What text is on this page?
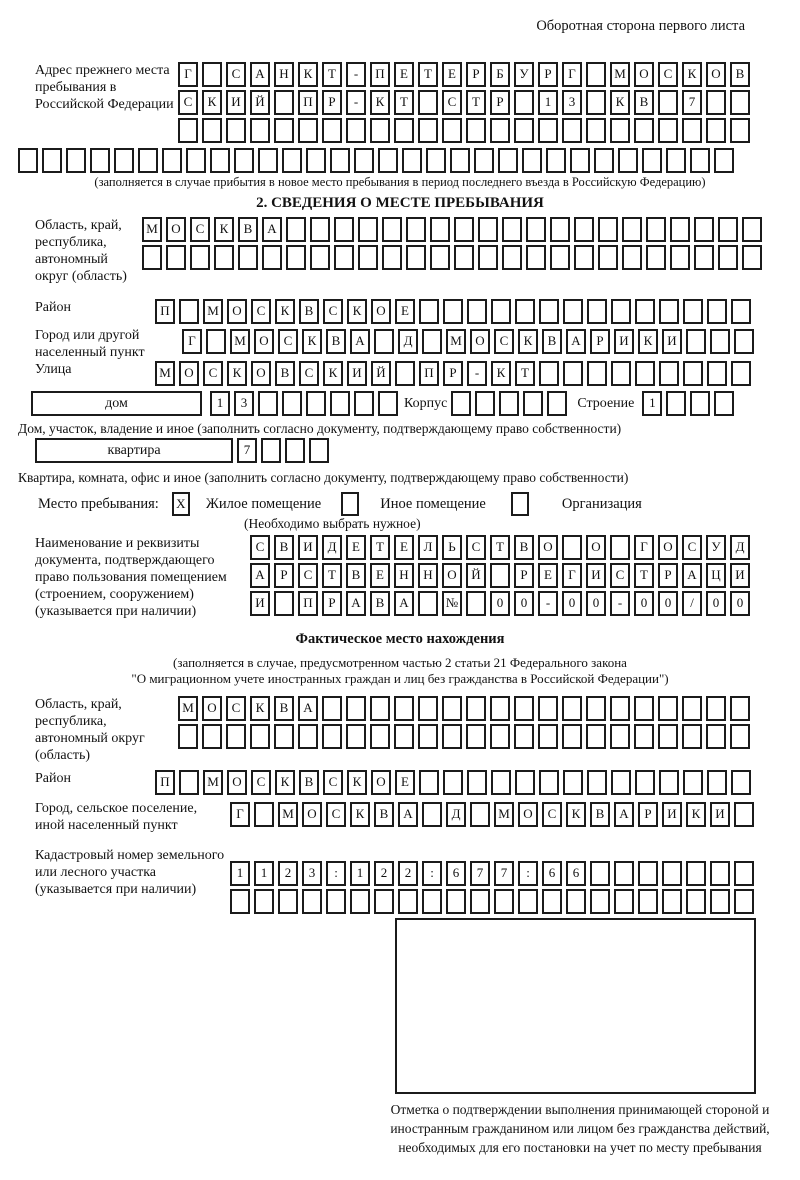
Оборотная сторона первого листа
Адрес прежнего места пребывания в Российской Федерации
Г	С А Н К Т - П Е Т Е Р Б У Р Г	М О С К О В
С К И Й	П Р - К Т	С Т Р	1 3	К В	7
(заполняется в случае прибытия в новое место пребывания в период последнего въезда в Российскую Федерацию)
2. СВЕДЕНИЯ О МЕСТЕ ПРЕБЫВАНИЯ
Область, край, республика, автономный округ (область)
М О С К В А
Район	П	М О С К В С К О Е
Город или другой населенный пункт
Г	М О С К В А	Д	М О С К В А Р И К И
Улица	М О С К О В С К И Й	П Р - К Т
дом	1 3	Корпус	Строение 1
Дом, участок, владение и иное (заполнить согласно документу, подтверждающему право собственности)
квартира	7
Квартира, комната, офис и иное (заполнить согласно документу, подтверждающему право собственности)
Место пребывания: X Жилое помещение	Иное помещение	Организация
(Необходимо выбрать нужное)
Наименование и реквизиты документа, подтверждающего право пользования помещением (строением, сооружением) (указывается при наличии)
С В И Д Е Т Е Л Ь С Т В О	О	Г О С У Д
А Р С Т В Е Н Н О Й	Р Е Г И С Т Р А Ц И
И	П Р А В А	№	0 0 - 0 0 - 0 0 / 0 0
Фактическое место нахождения
(заполняется в случае, предусмотренном частью 2 статьи 21 Федерального закона
"О миграционном учете иностранных граждан и лиц без гражданства в Российской Федерации")
Область, край, республика, автономный округ (область)
М О С К В А
Район	П	М О С К В С К О Е
Город, сельское поселение, иной населенный пункт
Г	М О С К В А	Д	М О С К В А Р И К И
Кадастровый номер земельного или лесного участка (указывается при наличии)
1 1 2 3 : 1 2 2 : 6 7 7 : 6 6
Отметка о подтверждении выполнения принимающей стороной и иностранным гражданином или лицом без гражданства действий, необходимых для его постановки на учет по месту пребывания
